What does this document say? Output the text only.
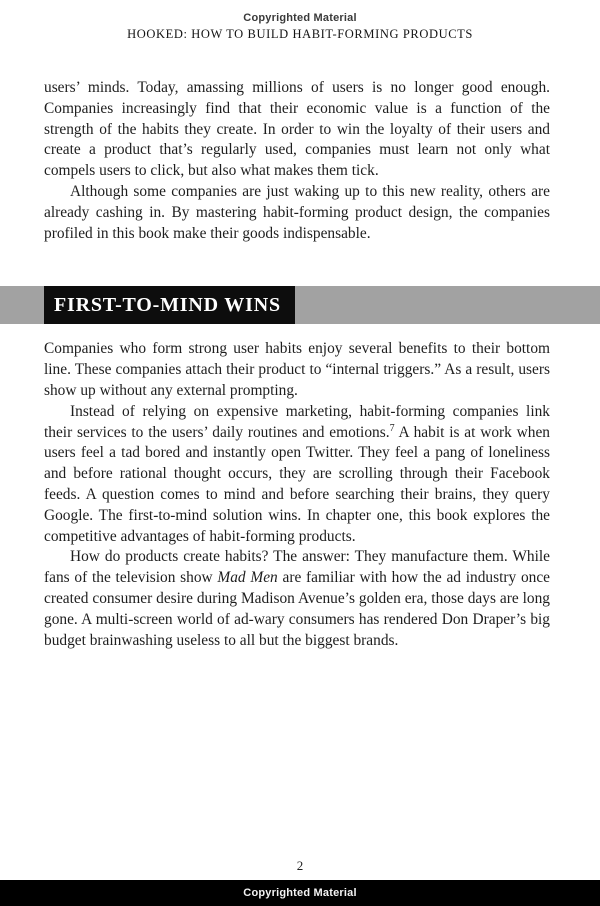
Copyrighted Material
HOOKED: HOW TO BUILD HABIT-FORMING PRODUCTS

users’ minds. Today, amassing millions of users is no longer good enough. Companies increasingly find that their economic value is a function of the strength of the habits they create. In order to win the loyalty of their users and create a product that’s regularly used, companies must learn not only what compels users to click, but also what makes them tick.

Although some companies are just waking up to this new reality, others are already cashing in. By mastering habit-forming product design, the companies profiled in this book make their goods indispensable.

FIRST-TO-MIND WINS

Companies who form strong user habits enjoy several benefits to their bottom line. These companies attach their product to “internal triggers.” As a result, users show up without any external prompting.

Instead of relying on expensive marketing, habit-forming companies link their services to the users’ daily routines and emotions.$^7$ A habit is at work when users feel a tad bored and instantly open Twitter. They feel a pang of loneliness and before rational thought occurs, they are scrolling through their Facebook feeds. A question comes to mind and before searching their brains, they query Google. The first-to-mind solution wins. In chapter one, this book explores the competitive advantages of habit-forming products.

How do products create habits? The answer: They manufacture them. While fans of the television show Mad Men are familiar with how the ad industry once created consumer desire during Madison Avenue’s golden era, those days are long gone. A multi-screen world of ad-wary consumers has rendered Don Draper’s big budget brainwashing useless to all but the biggest brands.

2
Copyrighted Material
